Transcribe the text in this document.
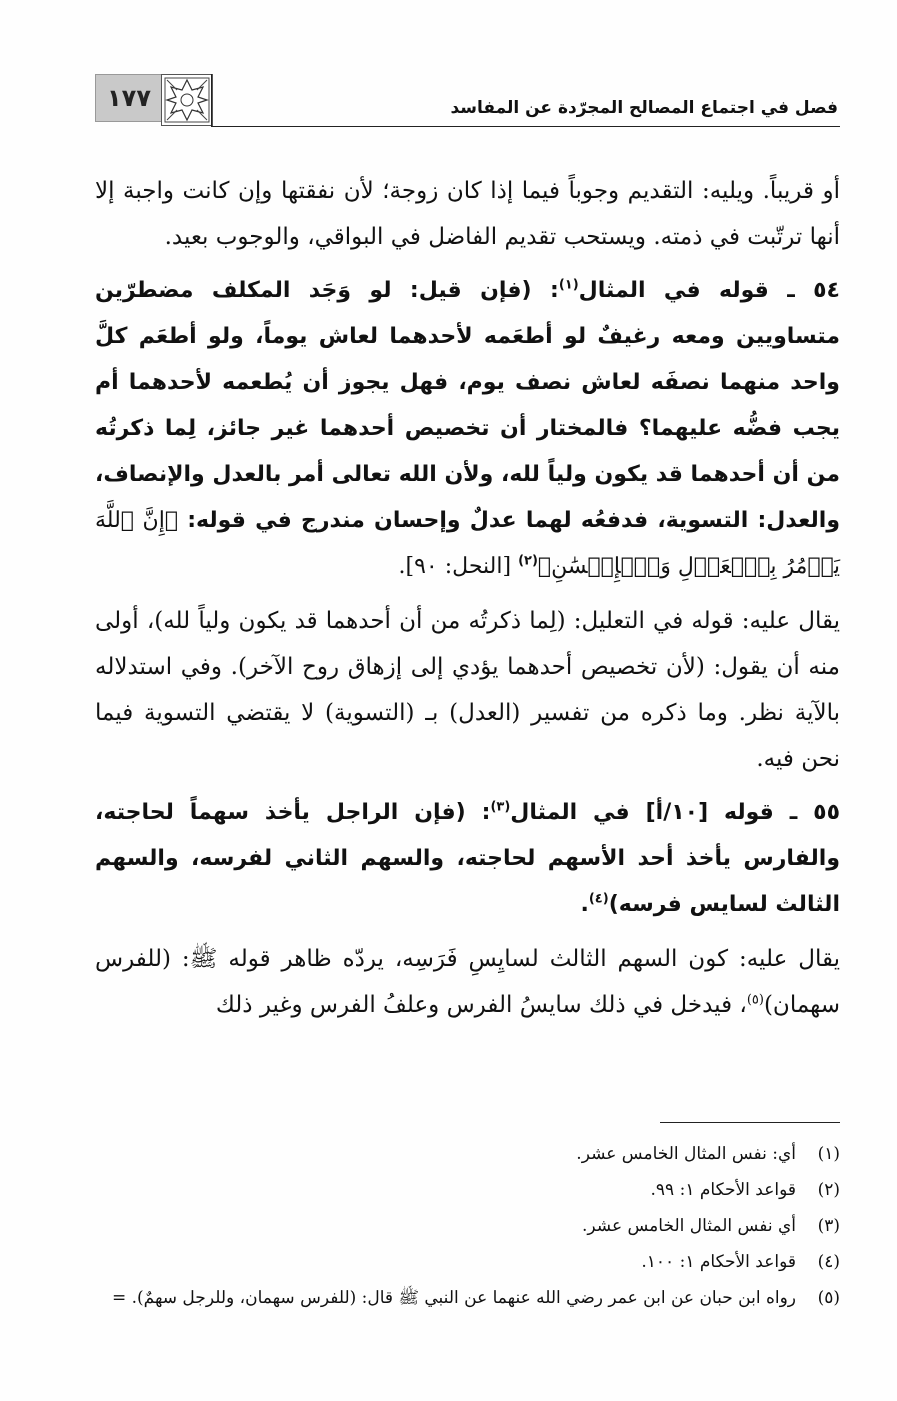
١٧٧	فصل في اجتماع المصالح المجرّدة عن المفاسد

أو قريباً. ويليه: التقديم وجوباً فيما إذا كان زوجة؛ لأن نفقتها وإن كانت واجبة إلا أنها ترتّبت في ذمته. ويستحب تقديم الفاضل في البواقي، والوجوب بعيد.

٥٤ ـ قوله في المثال$^{(١)}$: (فإن قيل: لو وَجَد المكلف مضطرّين متساويين ومعه رغيفٌ لو أطعَمه لأحدهما لعاش يوماً، ولو أطعَم كلَّ واحد منهما نصفَه لعاش نصف يوم، فهل يجوز أن يُطعمه لأحدهما أم يجب فضُّه عليهما؟ فالمختار أن تخصيص أحدهما غير جائز، لِما ذكرتُه من أن أحدهما قد يكون ولياً لله، ولأن الله تعالى أمر بالعدل والإنصاف، والعدل: التسوية، فدفعُه لهما عدلٌ وإحسان مندرج في قوله: ﴿إِنَّ ٱللَّهَ يَأۡمُرُ بِٱلۡعَدۡلِ وَٱلۡإِحۡسَٰنِ﴾$^{(٢)}$ [النحل: ٩٠].

يقال عليه: قوله في التعليل: (لِما ذكرتُه من أن أحدهما قد يكون ولياً لله)، أولى منه أن يقول: (لأن تخصيص أحدهما يؤدي إلى إزهاق روح الآخر). وفي استدلاله بالآية نظر. وما ذكره من تفسير (العدل) بـ (التسوية) لا يقتضي التسوية فيما نحن فيه.

٥٥ ـ قوله [١٠/أ] في المثال$^{(٣)}$: (فإن الراجل يأخذ سهماً لحاجته، والفارس يأخذ أحد الأسهم لحاجته، والسهم الثاني لفرسه، والسهم الثالث لسايس فرسه)$^{(٤)}$.

يقال عليه: كون السهم الثالث لسايِسِ فَرَسِه، يردّه ظاهر قوله ﷺ: (للفرس سهمان)$^{(٥)}$، فيدخل في ذلك سايسُ الفرس وعلفُ الفرس وغير ذلك

(١)
أي: نفس المثال الخامس عشر.
(٢)
قواعد الأحكام ١: ٩٩.
(٣)
أي نفس المثال الخامس عشر.
(٤)
قواعد الأحكام ١: ١٠٠.
(٥)
رواه ابن حبان عن ابن عمر رضي الله عنهما عن النبي ﷺ قال: (للفرس سهمان، وللرجل سهمٌ). =
